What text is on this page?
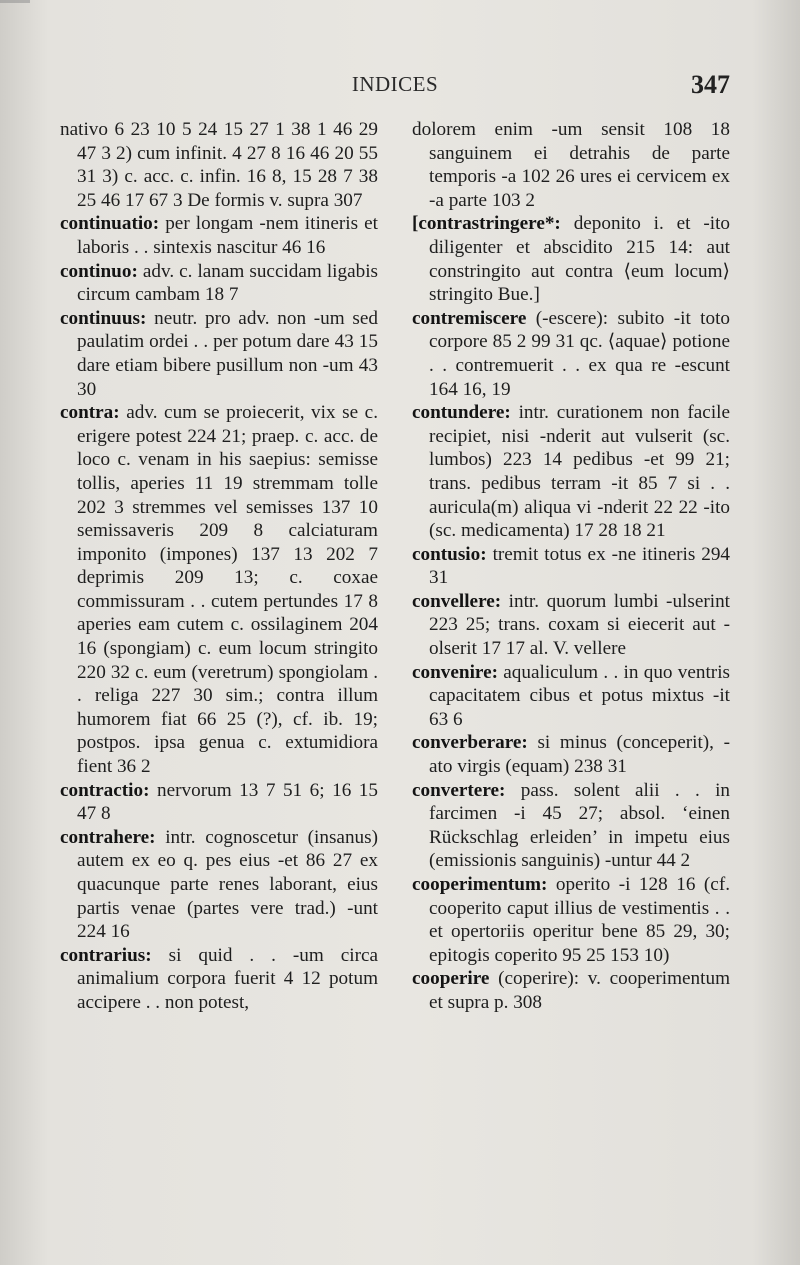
INDICES	347

nativo 6 23 10 5 24 15 27 1 38 1 46 29 47 3 2) cum infinit. 4 27 8 16 46 20 55 31 3) c. acc. c. infin. 16 8, 15 28 7 38 25 46 17 67 3 De formis v. supra 307

continuatio: per longam -nem itineris et laboris . . sintexis nascitur 46 16

continuo: adv. c. lanam succidam ligabis circum cambam 18 7

continuus: neutr. pro adv. non -um sed paulatim ordei . . per potum dare 43 15 dare etiam bibere pusillum non -um 43 30

contra: adv. cum se proiecerit, vix se c. erigere potest 224 21; praep. c. acc. de loco c. venam in his saepius: semisse tollis, aperies 11 19 stremmam tolle 202 3 stremmes vel semisses 137 10 semissaveris 209 8 calciaturam imponito (impones) 137 13 202 7 deprimis 209 13; c. coxae commissuram . . cutem pertundes 17 8 aperies eam cutem c. ossilaginem 204 16 (spongiam) c. eum locum stringito 220 32 c. eum (veretrum) spongiolam . . religa 227 30 sim.; contra illum humorem fiat 66 25 (?), cf. ib. 19; postpos. ipsa genua c. extumidiora fient 36 2

contractio: nervorum 13 7 51 6; 16 15 47 8

contrahere: intr. cognoscetur (insanus) autem ex eo q. pes eius -et 86 27 ex quacunque parte renes laborant, eius partis venae (partes vere trad.) -unt 224 16

contrarius: si quid . . -um circa animalium corpora fuerit 4 12 potum accipere . . non potest,

dolorem enim -um sensit 108 18 sanguinem ei detrahis de parte temporis -a 102 26 ures ei cervicem ex -a parte 103 2

[contrastringere*: deponito i. et -ito diligenter et abscidito 215 14: aut constringito aut contra ⟨eum locum⟩ stringito Bue.]

contremiscere (-escere): subito -it toto corpore 85 2 99 31 qc. ⟨aquae⟩ potione . . contremuerit . . ex qua re -escunt 164 16, 19

contundere: intr. curationem non facile recipiet, nisi -nderit aut vulserit (sc. lumbos) 223 14 pedibus -et 99 21; trans. pedibus terram -it 85 7 si . . auricula(m) aliqua vi -nderit 22 22 -ito (sc. medicamenta) 17 28 18 21

contusio: tremit totus ex -ne itineris 294 31

convellere: intr. quorum lumbi -ulserint 223 25; trans. coxam si eiecerit aut -olserit 17 17 al. V. vellere

convenire: aqualiculum . . in quo ventris capacitatem cibus et potus mixtus -it 63 6

converberare: si minus (conceperit), -ato virgis (equam) 238 31

convertere: pass. solent alii . . in farcimen -i 45 27; absol. ‘einen Rückschlag erleiden’ in impetu eius (emissionis sanguinis) -untur 44 2

cooperimentum: operito -i 128 16 (cf. cooperito caput illius de vestimentis . . et opertoriis operitur bene 85 29, 30; epitogis coperito 95 25 153 10)

cooperire (coperire): v. cooperimentum et supra p. 308
